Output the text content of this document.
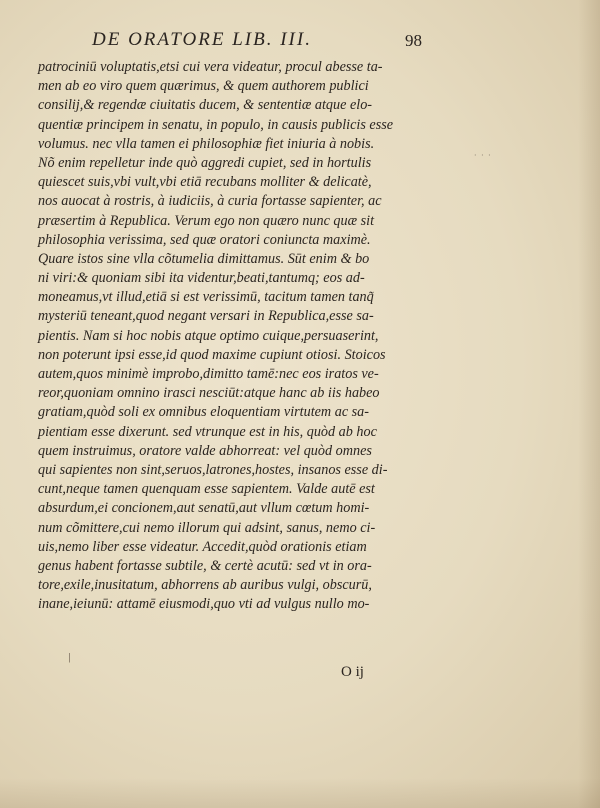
DE ORATORE LIB. III.	98
patrociniū voluptatis,etsi cui vera videatur, procul abesse ta-
men ab eo viro quem quærimus, & quem authorem publici
consilij,& regendæ ciuitatis ducem, & sententiæ atque elo-
quentiæ principem in senatu, in populo, in causis publicis esse
volumus. nec vlla tamen ei philosophiæ fiet iniuria à nobis.
Nõ enim repelletur inde quò aggredi cupiet, sed in hortulis
quiescet suis,vbi vult,vbi etiā recubans molliter & delicatè,
nos auocat à rostris, à iudiciis, à curia fortasse sapienter, ac
præsertim à Republica. Verum ego non quæro nunc quæ sit
philosophia verissima, sed quæ oratori coniuncta maximè.
Quare istos sine vlla cõtumelia dimittamus. Sūt enim & bo
ni viri:& quoniam sibi ita videntur,beati,tantumq; eos ad-
moneamus,vt illud,etiā si est verissimū, tacitum tamen tanq̃
mysteriū teneant,quod negant versari in Republica,esse sa-
pientis. Nam si hoc nobis atque optimo cuique,persuaserint,
non poterunt ipsi esse,id quod maxime cupiunt otiosi. Stoicos
autem,quos minimè improbo,dimitto tamē:nec eos iratos ve-
reor,quoniam omnino irasci nesciūt:atque hanc ab iis habeo
gratiam,quòd soli ex omnibus eloquentiam virtutem ac sa-
pientiam esse dixerunt. sed vtrunque est in his, quòd ab hoc
quem instruimus, oratore valde abhorreat: vel quòd omnes
qui sapientes non sint,seruos,latrones,hostes, insanos esse di-
cunt,neque tamen quenquam esse sapientem. Valde autē est
absurdum,ei concionem,aut senatū,aut vllum cœtum homi-
num cõmittere,cui nemo illorum qui adsint, sanus, nemo ci-
uis,nemo liber esse videatur. Accedit,quòd orationis etiam
genus habent fortasse subtile, & certè acutū: sed vt in ora-
tore,exile,inusitatum, abhorrens ab auribus vulgi, obscurū,
inane,ieiunū: attamē eiusmodi,quo vti ad vulgus nullo mo-
· · ·
|
O ij
